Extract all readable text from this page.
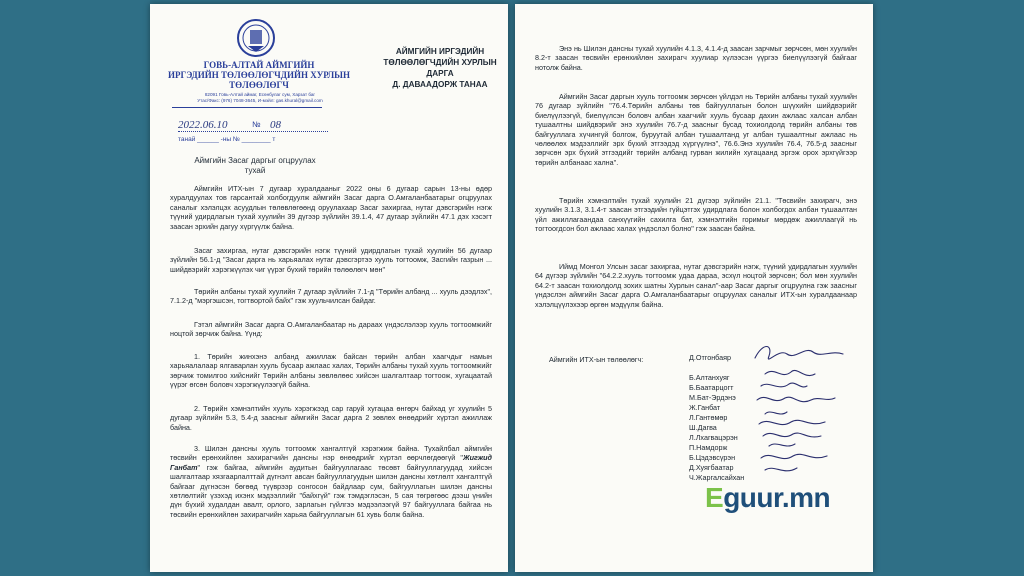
ГОВЬ-АЛТАЙ АЙМГИЙН
ИРГЭДИЙН ТӨЛӨӨЛӨГЧДИЙН ХУРЛЫН
ТӨЛӨӨЛӨГЧ
82091 Говь-Алтай аймаг, Есөнбулаг сум, Харзат баг
Утас/Факс: (976) 7048-3645, И-мэйл: gas.khural@gmail.com
2022.06.10	№ 08
танай ______ -ны № ________ т
АЙМГИЙН ИРГЭДИЙН
ТӨЛӨӨЛӨГЧДИЙН ХУРЛЫН ДАРГА
Д. ДАВААДОРЖ ТАНАА
Аймгийн Засаг даргыг огцруулах
тухай
Аймгийн ИТХ-ын 7 дугаар хуралдааныг 2022 оны 6 дугаар сарын 13-ны өдөр хуралдуулах тов гарсантай холбогдуулж аймгийн Засаг дарга О.Амгаланбаатарыг огцруулах саналыг хэлэлцэх асуудлын төлөвлөгөөнд оруулахаар Засаг захиргаа, нутаг дэвсгэрийн нэгж түүний удирдлагын тухай хуулийн 39 дүгээр зүйлийн 39.1.4, 47 дугаар зүйлийн 47.1 дэх хэсэгт заасан эрхийн дагуу хүргүүлж байна.
Засаг захиргаа, нутаг дэвсгэрийн нэгж түүний удирдлагын тухай хуулийн 56 дугаар зүйлийн 56.1-д "Засаг дарга нь харьяалах нутаг дэвсгэртээ хууль тогтоомж, Засгийн газрын ... шийдвэрийг хэрэгжүүлэх чиг үүрэг бүхий төрийн төлөөлөгч мөн"
Төрийн албаны тухай хуулийн 7 дугаар зүйлийн 7.1-д "Төрийн албанд ... хууль дээдлэх", 7.1.2-д "мэргэшсэн, тогтвортой байх" гэж хуульчилсан байдаг.
Гэтэл аймгийн Засаг дарга О.Амгаланбаатар нь дараах үндэслэлээр хууль тогтоомжийг ноцтой зөрчиж байна. Үүнд:
1. Төрийн жинхэнэ албанд ажиллаж байсан төрийн албан хаагчдыг намын харьяалалаар ялгаварлан хууль бусаар ажлаас халах, Төрийн албаны тухай хууль тогтоомжийг зөрчиж томилгоо хийснийг Төрийн албаны зөвлөлөөс хийсэн шалгалтаар тогтоож, хугацаатай үүрэг өгсөн боловч хэрэгжүүлээгүй байна.
2. Төрийн хэмнэлтийн хууль хэрэгжээд сар гаруй хугацаа өнгөрч байхад уг хуулийн 5 дугаар зүйлийн 5.3, 5.4-д заасныг аймгийн Засаг дарга 2 зөвлөх өнөөдрийг хүртэл ажиллаж байна.
3. Шилэн дансны хууль тогтоомж хангалтгүй хэрэгжиж байна. Тухайлбал аймгийн төсвийн ерөнхийлөн захирагчийн дансны нэр өнөөдрийг хүртэл өөрчлөгдөөгүй "Жигжид Ганбат" гэж байгаа, аймгийн аудитын байгууллагаас төсөвт байгууллагуудад хийсэн шалгалтаар хязгаарлалттай дүгнэлт авсан байгууллагуудын шилэн дансны хөтлөлт хангалтгүй байгааг дүгнэсэн бөгөөд түүврээр сонгосон байдлаар сум, байгууллагын шилэн дансны хөтлөлтийг үзэхэд ихэнх мэдээллийг "байхгүй" гэж тэмдэглэсэн, 5 сая төгрөгөөс дээш үнийн дүн бүхий худалдан авалт, орлого, зарлагын гүйлгээ мэдээлээгүй 97 байгууллага байгаа нь төсвийн ерөнхийлөн захирагчийн харьяа байгууллагын 61 хувь болж байна.
Энэ нь Шилэн дансны тухай хуулийн 4.1.3, 4.1.4-д заасан зарчмыг зөрчсөн, мөн хуулийн 8.2-т заасан төсвийн ерөнхийлөн захирагч хуулиар хүлээсэн үүргээ биелүүлээгүй байгааг нотолж байна.
Аймгийн Засаг даргын хууль тогтоомж зөрчсөн үйлдэл нь Төрийн албаны тухай хуулийн 76 дугаар зүйлийн "76.4.Төрийн албаны төв байгууллагын болон шүүхийн шийдвэрийг биелүүлээгүй, биелүүлсэн боловч албан хаагчийг хууль бусаар дахин ажлаас халсан албан тушаалтны шийдвэрийг энэ хуулийн 76.7-д заасныг бусад тохиолдолд төрийн албаны төв байгууллага хүчингүй болгож, буруутай албан тушаалтанд уг албан тушаалтныг ажлаас нь чөлөөлөх мэдээллийг эрх бүхий этгээдэд хүргүүлнэ", 76.6.Энэ хуулийн 76.4, 76.5-д заасныг зөрчсөн эрх бүхий этгээдийг төрийн албанд гурван жилийн хугацаанд эргэж орох эрхгүйгээр төрийн албанаас хална".
Төрийн хэмнэлтийн тухай хуулийн 21 дүгээр зүйлийн 21.1. "Төсвийн захирагч, энэ хуулийн 3.1.3, 3.1.4-т заасан этгээдийн гүйцэтгэх удирдлага болон холбогдох албан тушаалтан үйл ажиллагаандаа санхүүгийн сахилга бат, хэмнэлтийн горимыг мөрдөж ажиллаагүй нь тогтоогдсон бол ажлаас халах үндэслэл болно" гэж заасан байна.
Иймд Монгол Улсын засаг захиргаа, нутаг дэвсгэрийн нэгж, түүний удирдлагын хуулийн 64 дүгээр зүйлийн "64.2.2.хууль тогтоомж удаа дараа, эсхүл ноцтой зөрчсөн; бол мөн хуулийн 64.2-т заасан тохиолдолд зохих шатны Хурлын санал"-аар Засаг даргыг огцруулна гэж заасныг үндэслэн аймгийн Засаг дарга О.Амгаланбаатарыг огцруулах саналыг ИТХ-ын хуралдаанаар хэлэлцүүлэхээр өргөн мэдүүлж байна.
Аймгийн ИТХ-ын төлөөлөгч:	Д.Отгонбаяр
Б.Алтанхуяг
Б.Баатарцогт
М.Бат-Эрдэнэ
Ж.Ганбат
Л.Гантөмөр
Ш.Дагва
Л.Лхагвацэрэн
П.Намдорж
Б.Цэдэвсүрэн
Д.Хуягбаатар
Ч.Жаргалсайхан
Eguur.mn
